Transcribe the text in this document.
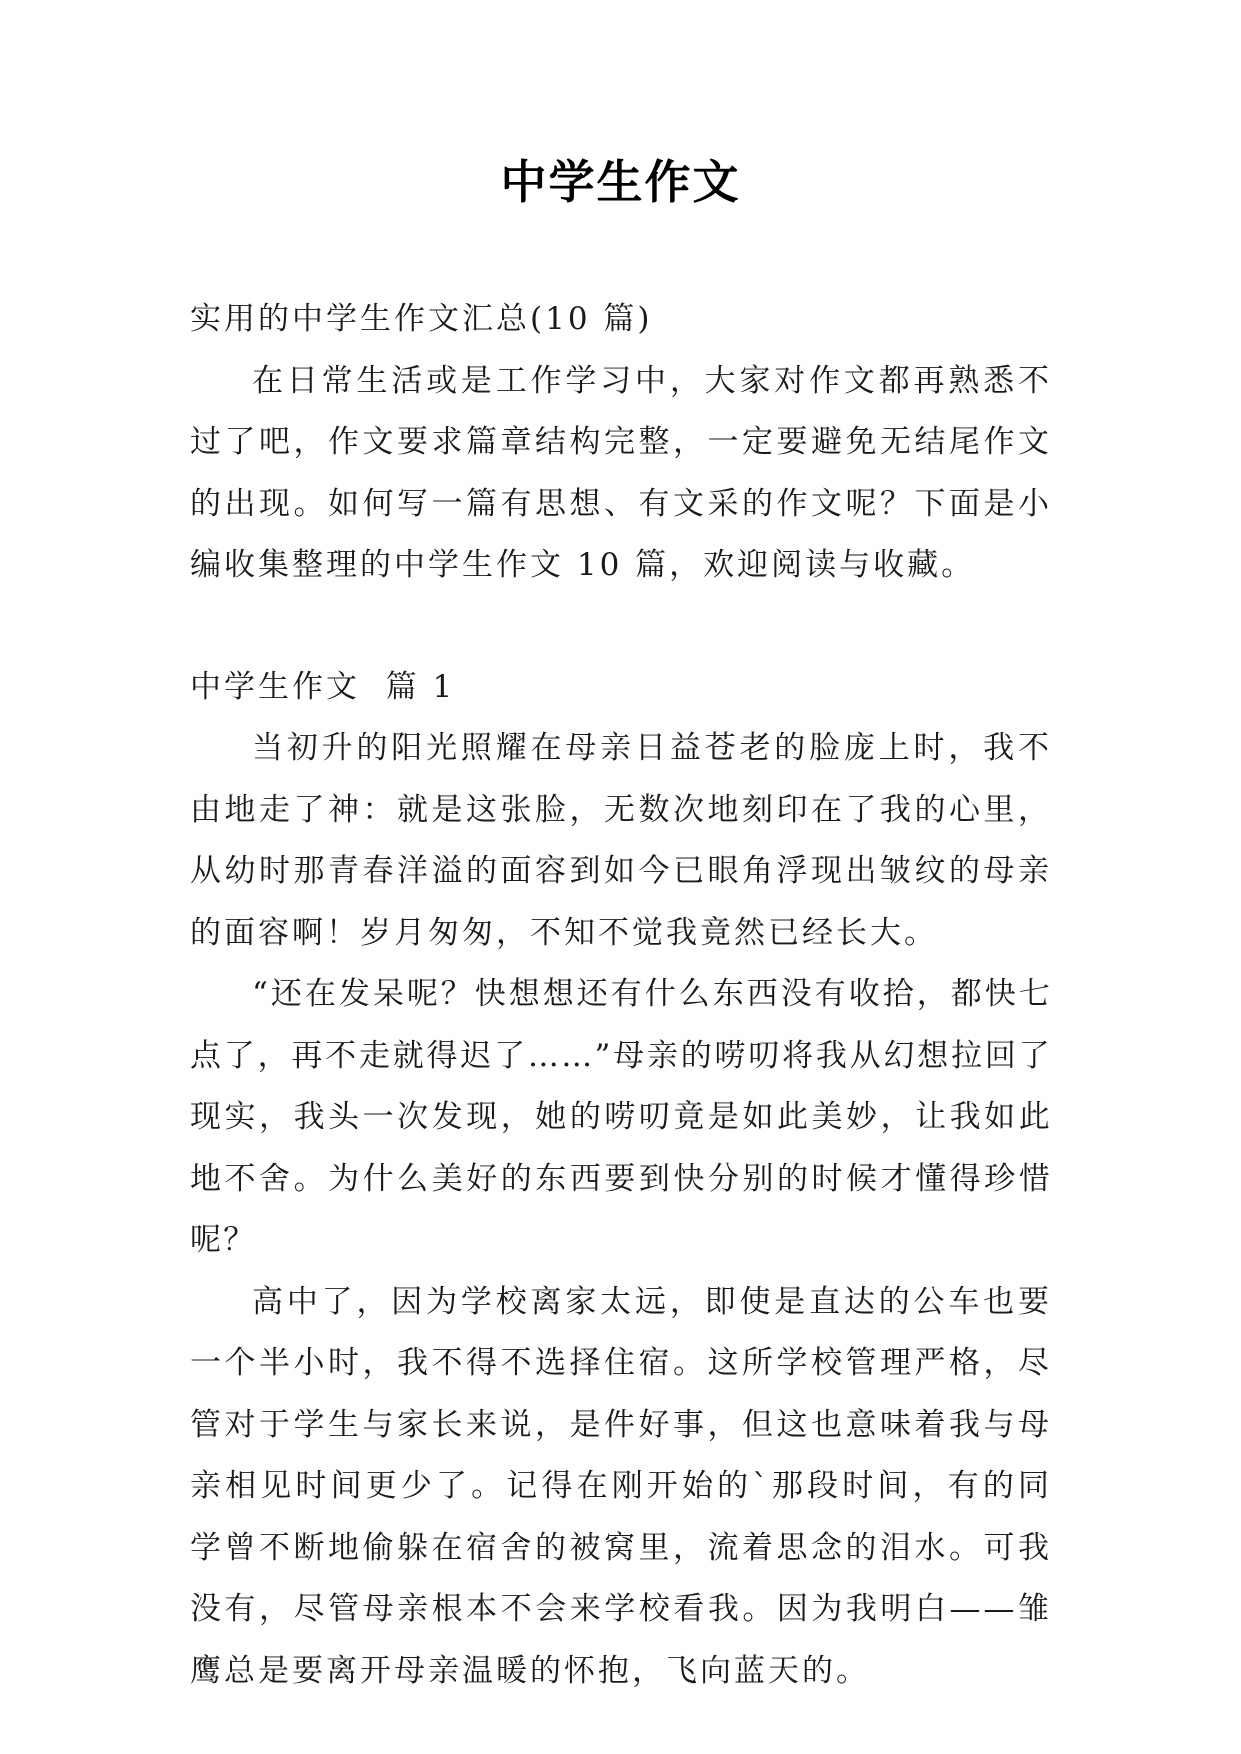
中学生作文

实用的中学生作文汇总(10 篇)

在日常生活或是工作学习中，大家对作文都再熟悉不过了吧，作文要求篇章结构完整，一定要避免无结尾作文的出现。如何写一篇有思想、有文采的作文呢？下面是小编收集整理的中学生作文 10 篇，欢迎阅读与收藏。

中学生作文  篇 1

当初升的阳光照耀在母亲日益苍老的脸庞上时，我不由地走了神：就是这张脸，无数次地刻印在了我的心里，从幼时那青春洋溢的面容到如今已眼角浮现出皱纹的母亲的面容啊！岁月匆匆，不知不觉我竟然已经长大。

“还在发呆呢？快想想还有什么东西没有收拾，都快七点了，再不走就得迟了……”母亲的唠叨将我从幻想拉回了现实，我头一次发现，她的唠叨竟是如此美妙，让我如此地不舍。为什么美好的东西要到快分别的时候才懂得珍惜呢？

高中了，因为学校离家太远，即使是直达的公车也要一个半小时，我不得不选择住宿。这所学校管理严格，尽管对于学生与家长来说，是件好事，但这也意味着我与母亲相见时间更少了。记得在刚开始的`那段时间，有的同学曾不断地偷躲在宿舍的被窝里，流着思念的泪水。可我没有，尽管母亲根本不会来学校看我。因为我明白——雏鹰总是要离开母亲温暖的怀抱，飞向蓝天的。
